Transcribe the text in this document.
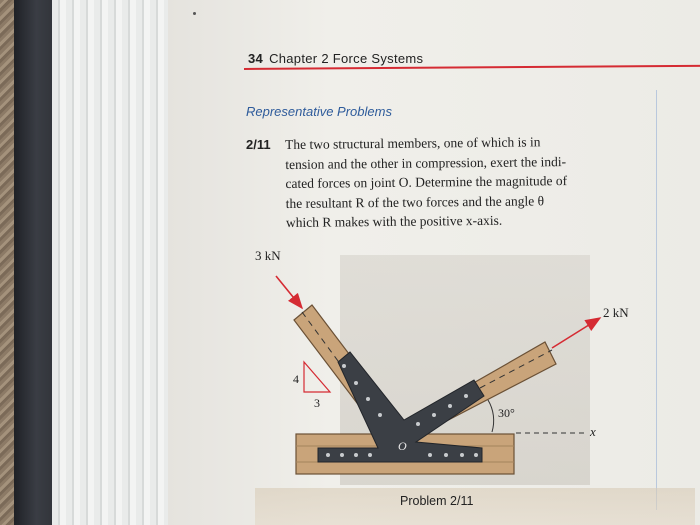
34 Chapter 2 Force Systems
Representative Problems
2/11 The two structural members, one of which is in
tension and the other in compression, exert the indi-
cated forces on joint O. Determine the magnitude of
the resultant R of the two forces and the angle θ
which R makes with the positive x-axis.
3 kN
2 kN
4
3
30°
O
x
Problem 2/11
